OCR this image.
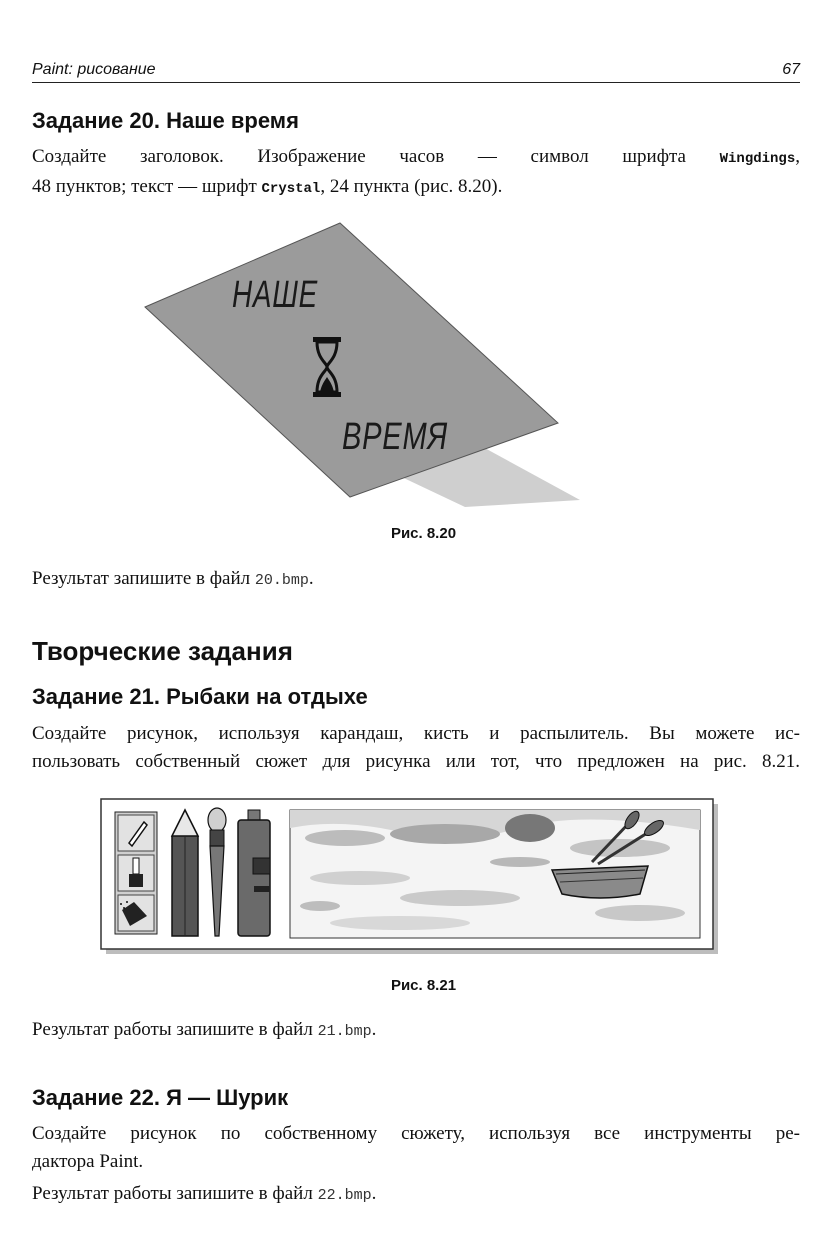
Paint: рисование	67
Задание 20. Наше время
Создайте заголовок. Изображение часов — символ шрифта Wingdings,
48 пунктов; текст — шрифт Crystal, 24 пункта (рис. 8.20).
НАШЕ
ВРЕМЯ
Рис. 8.20
Результат запишите в файл 20.bmp.
Творческие задания
Задание 21. Рыбаки на отдыхе
Создайте рисунок, используя карандаш, кисть и распылитель. Вы можете ис-
пользовать собственный сюжет для рисунка или тот, что предложен на рис. 8.21.
Рис. 8.21
Результат работы запишите в файл 21.bmp.
Задание 22. Я — Шурик
Создайте рисунок по собственному сюжету, используя все инструменты ре-
дактора Paint.
Результат работы запишите в файл 22.bmp.
